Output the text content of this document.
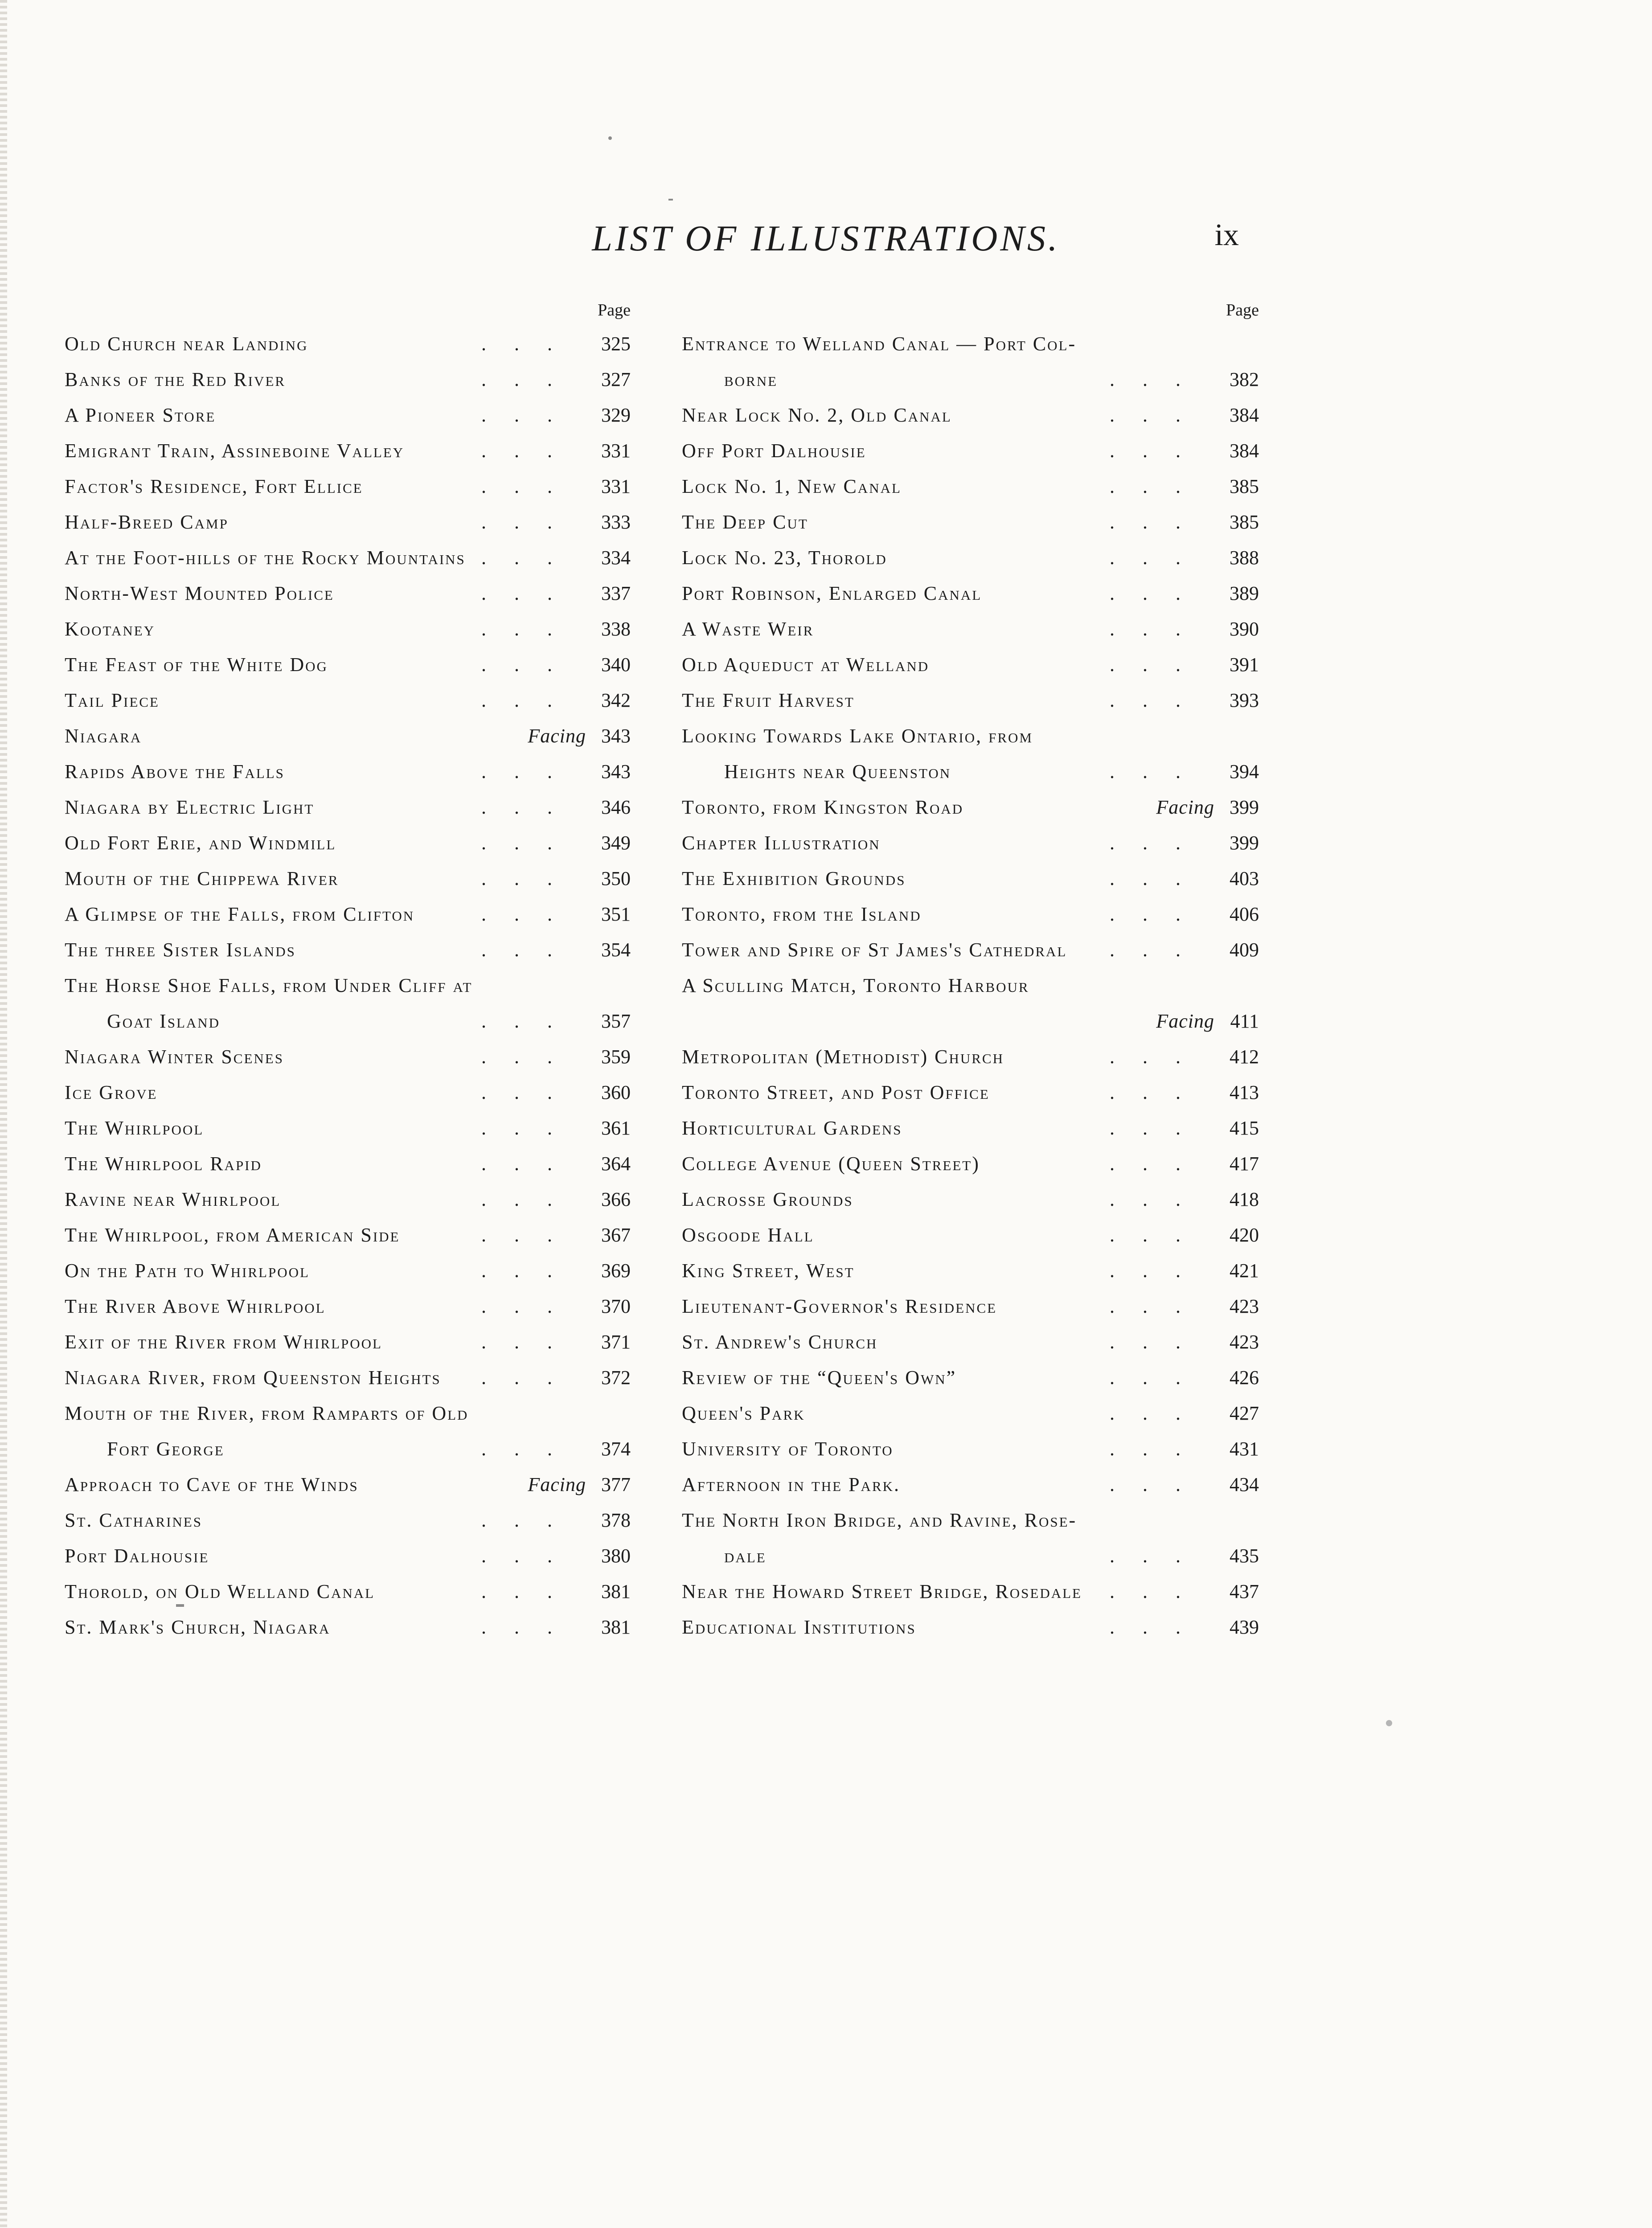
LIST OF ILLUSTRATIONS.	ix
Page
Old Church near Landing	. . .	325
Banks of the Red River	. . .	327
A Pioneer Store	. . .	329
Emigrant Train, Assineboine Valley	. . .	331
Factor's Residence, Fort Ellice	. . .	331
Half-Breed Camp	. . .	333
At the Foot-hills of the Rocky Mountains . . .	334
North-West Mounted Police	. . .	337
Kootaney	. . .	338
The Feast of the White Dog	. . .	340
Tail Piece	. . .	342
Niagara	Facing 343
Rapids Above the Falls	. . .	343
Niagara by Electric Light	. . .	346
Old Fort Erie, and Windmill	. . .	349
Mouth of the Chippewa River	. . .	350
A Glimpse of the Falls, from Clifton	. . .	351
The three Sister Islands	. . .	354
The Horse Shoe Falls, from Under Cliff at
Goat Island	. . .	357
Niagara Winter Scenes	. . .	359
Ice Grove	. . .	360
The Whirlpool	. . .	361
The Whirlpool Rapid	. . .	364
Ravine near Whirlpool	. . .	366
The Whirlpool, from American Side	. . .	367
On the Path to Whirlpool	. . .	369
The River Above Whirlpool	. . .	370
Exit of the River from Whirlpool	. . .	371
Niagara River, from Queenston Heights . . .	372
Mouth of the River, from Ramparts of Old
Fort George	. . .	374
Approach to Cave of the Winds	Facing 377
St. Catharines	. . .	378
Port Dalhousie	. . .	380
Thorold, on Old Welland Canal	. . .	381
St. Mark's Church, Niagara	. . .	381
Page
Entrance to Welland Canal — Port Col-
borne	. . .	382
Near Lock No. 2, Old Canal	. . .	384
Off Port Dalhousie	. . .	384
Lock No. 1, New Canal	. . .	385
The Deep Cut	. . .	385
Lock No. 23, Thorold	. . .	388
Port Robinson, Enlarged Canal	. . .	389
A Waste Weir	. . .	390
Old Aqueduct at Welland	. . .	391
The Fruit Harvest	. . .	393
Looking Towards Lake Ontario, from
Heights near Queenston	. . .	394
Toronto, from Kingston Road	Facing 399
Chapter Illustration	. . .	399
The Exhibition Grounds	. . .	403
Toronto, from the Island	. . .	406
Tower and Spire of St James's Cathedral . . .	409
A Sculling Match, Toronto Harbour
Facing 411
Metropolitan (Methodist) Church	. . .	412
Toronto Street, and Post Office	. . .	413
Horticultural Gardens	. . .	415
College Avenue (Queen Street)	. . .	417
Lacrosse Grounds	. . .	418
Osgoode Hall	. . .	420
King Street, West	. . .	421
Lieutenant-Governor's Residence	. . .	423
St. Andrew's Church	. . .	423
Review of the “Queen's Own”	. . .	426
Queen's Park	. . .	427
University of Toronto	. . .	431
Afternoon in the Park.	. . .	434
The North Iron Bridge, and Ravine, Rose-
dale	. . .	435
Near the Howard Street Bridge, Rosedale . . .	437
Educational Institutions	. . .	439
